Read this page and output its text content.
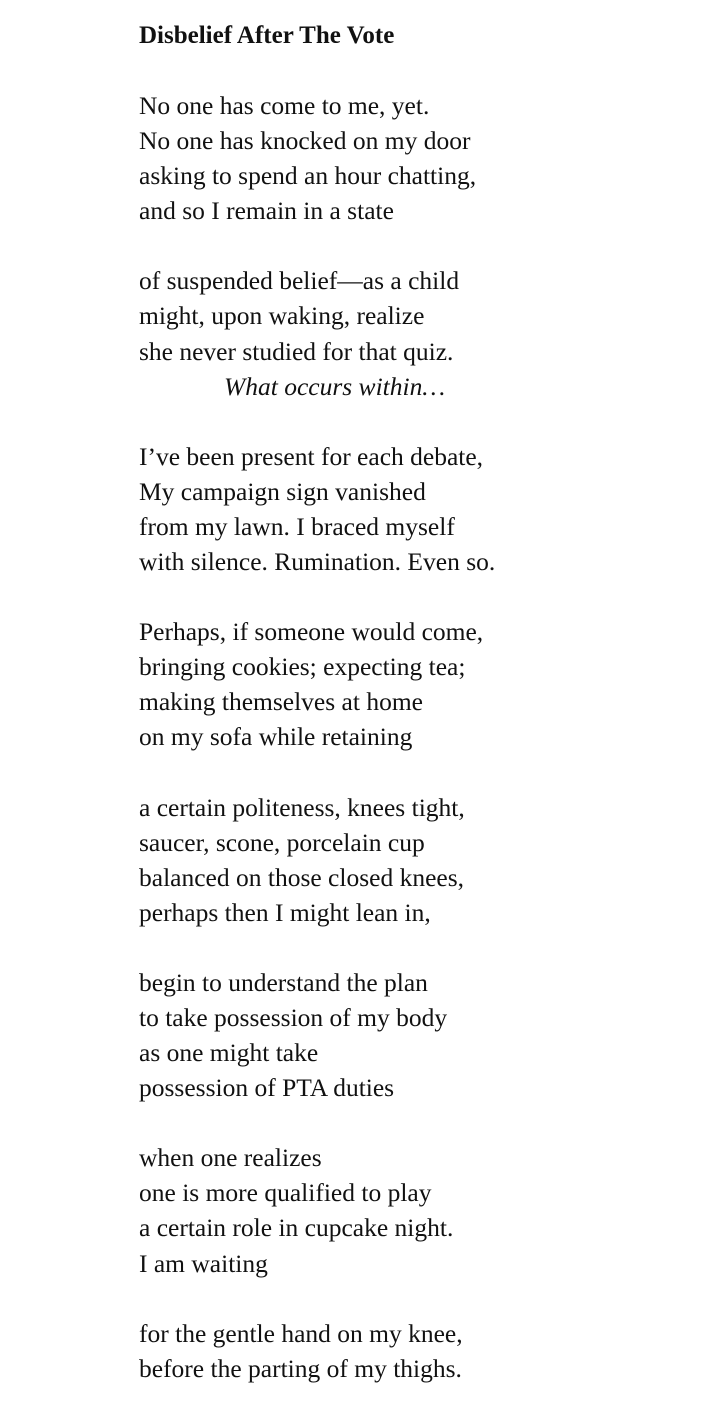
Disbelief After The Vote
No one has come to me, yet.
No one has knocked on my door
asking to spend an hour chatting,
and so I remain in a state
of suspended belief—as a child
might, upon waking, realize
she never studied for that quiz.
What occurs within…
I’ve been present for each debate,
My campaign sign vanished
from my lawn. I braced myself
with silence. Rumination. Even so.
Perhaps, if someone would come,
bringing cookies; expecting tea;
making themselves at home
on my sofa while retaining
a certain politeness, knees tight,
saucer, scone, porcelain cup
balanced on those closed knees,
perhaps then I might lean in,
begin to understand the plan
to take possession of my body
as one might take
possession of PTA duties
when one realizes
one is more qualified to play
a certain role in cupcake night.
I am waiting
for the gentle hand on my knee,
before the parting of my thighs.
